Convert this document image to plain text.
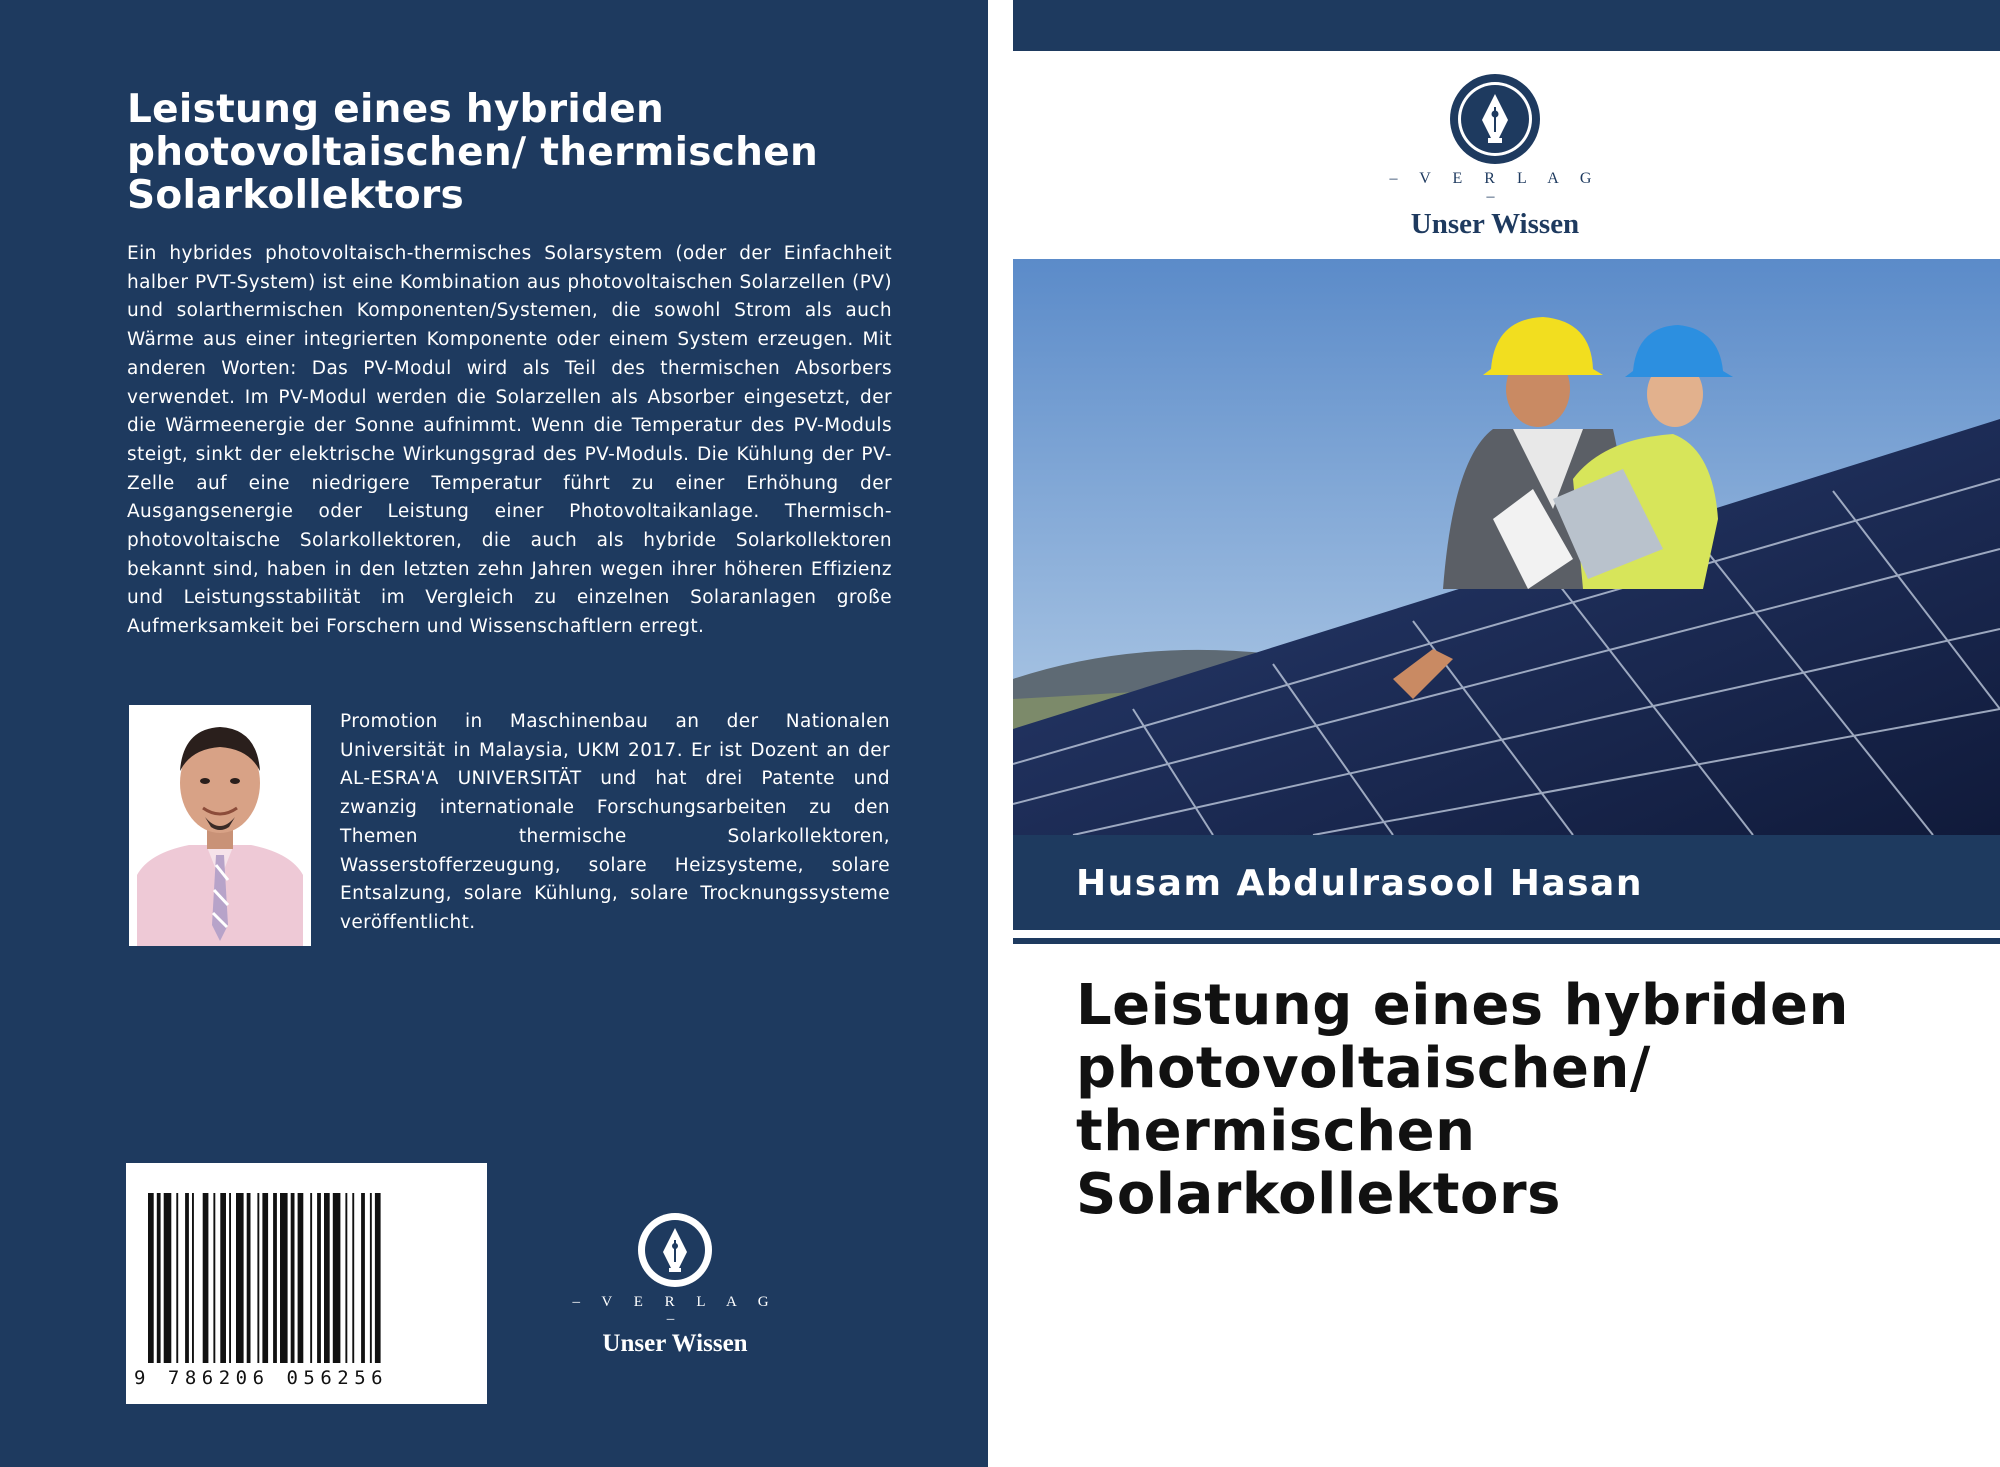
Leistung eines hybriden
photovoltaischen/ thermischen
Solarkollektors

Ein hybrides photovoltaisch-thermisches Solarsystem (oder der Einfachheit halber PVT-System) ist eine Kombination aus photovoltaischen Solarzellen (PV) und solarthermischen Komponenten/Systemen, die sowohl Strom als auch Wärme aus einer integrierten Komponente oder einem System erzeugen. Mit anderen Worten: Das PV-Modul wird als Teil des thermischen Absorbers verwendet. Im PV-Modul werden die Solarzellen als Absorber eingesetzt, der die Wärmeenergie der Sonne aufnimmt. Wenn die Temperatur des PV-Moduls steigt, sinkt der elektrische Wirkungsgrad des PV-Moduls. Die Kühlung der PV-Zelle auf eine niedrigere Temperatur führt zu einer Erhöhung der Ausgangsenergie oder Leistung einer Photovoltaikanlage. Thermisch-photovoltaische Solarkollektoren, die auch als hybride Solarkollektoren bekannt sind, haben in den letzten zehn Jahren wegen ihrer höheren Effizienz und Leistungsstabilität im Vergleich zu einzelnen Solaranlagen große Aufmerksamkeit bei Forschern und Wissenschaftlern erregt.

Promotion in Maschinenbau an der Nationalen Universität in Malaysia, UKM 2017. Er ist Dozent an der AL-ESRA'A UNIVERSITÄT und hat drei Patente und zwanzig internationale Forschungsarbeiten zu den Themen thermische Solarkollektoren, Wasserstofferzeugung, solare Heizsysteme, solare Entsalzung, solare Kühlung, solare Trocknungssysteme veröffentlicht.

9 786206 056256
– V E R L A G –
Unser Wissen
– V E R L A G –
Unser Wissen
Husam Abdulrasool Hasan
Leistung eines hybriden
photovoltaischen/
thermischen
Solarkollektors
